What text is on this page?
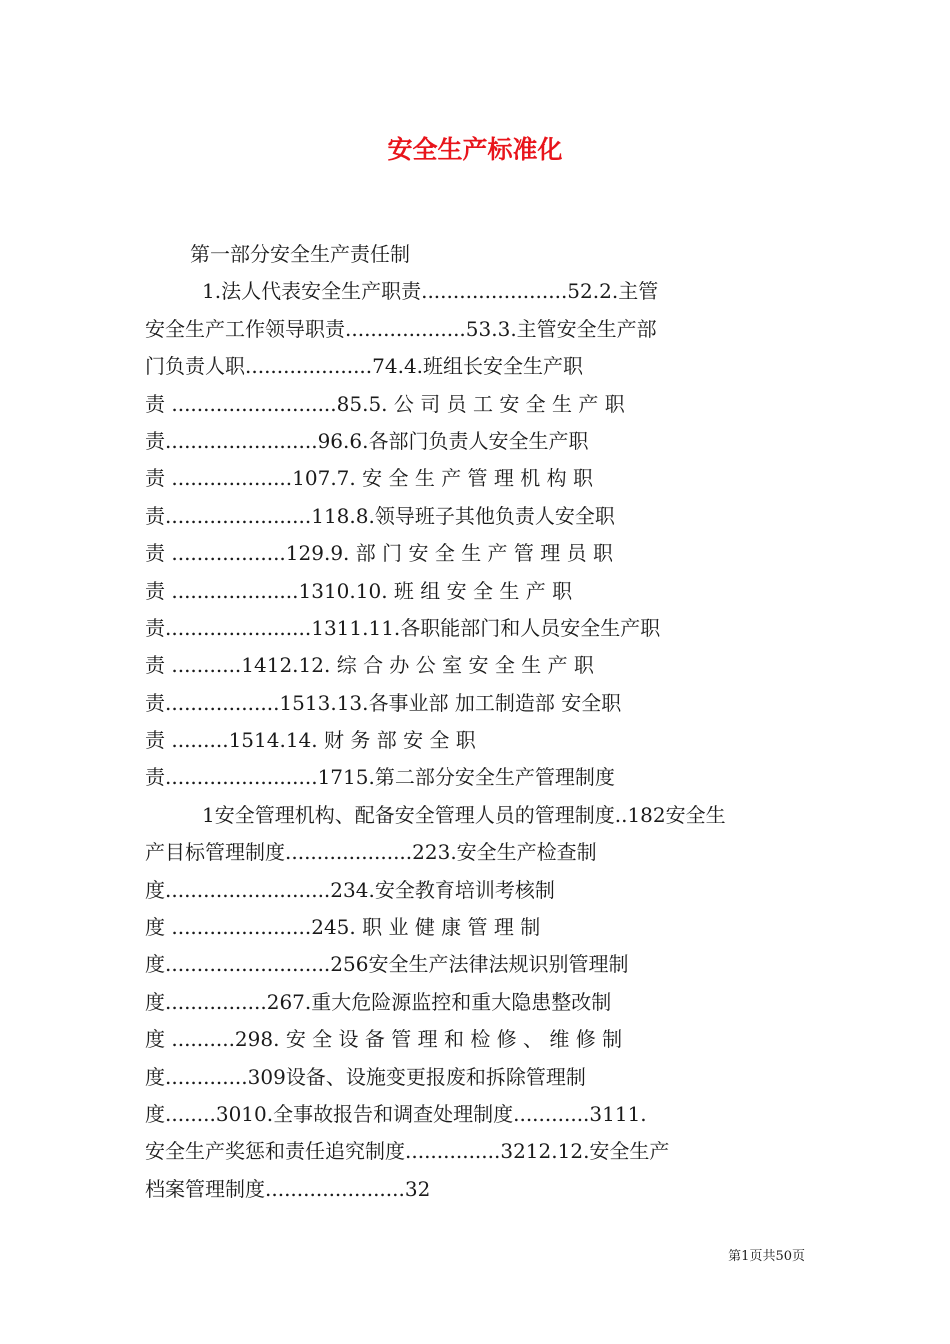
安全生产标准化
第一部分安全生产责任制
1.法人代表安全生产职责.......................52.2.主管
安全生产工作领导职责...................53.3.主管安全生产部
门负责人职....................74.4.班组长安全生产职
责 ..........................85.5. 公 司 员 工 安 全 生 产 职
责........................96.6.各部门负责人安全生产职
责 ...................107.7. 安 全 生 产 管 理 机 构 职
责.......................118.8.领导班子其他负责人安全职
责 ..................129.9. 部 门 安 全 生 产 管 理 员 职
责 ....................1310.10. 班 组 安 全 生 产 职
责.......................1311.11.各职能部门和人员安全生产职
责 ...........1412.12. 综 合 办 公 室 安 全 生 产 职
责..................1513.13.各事业部 加工制造部 安全职
责 .........1514.14. 财 务 部 安 全 职
责........................1715.第二部分安全生产管理制度
1安全管理机构、配备安全管理人员的管理制度..182安全生
产目标管理制度....................223.安全生产检查制
度..........................234.安全教育培训考核制
度 ......................245. 职 业 健 康 管 理 制
度..........................256安全生产法律法规识别管理制
度................267.重大危险源监控和重大隐患整改制
度 ..........298. 安 全 设 备 管 理 和 检 修 、 维 修 制
度.............309设备、设施变更报废和拆除管理制
度........3010.全事故报告和调查处理制度............3111.
安全生产奖惩和责任追究制度...............3212.12.安全生产
档案管理制度......................32
第1页共50页
